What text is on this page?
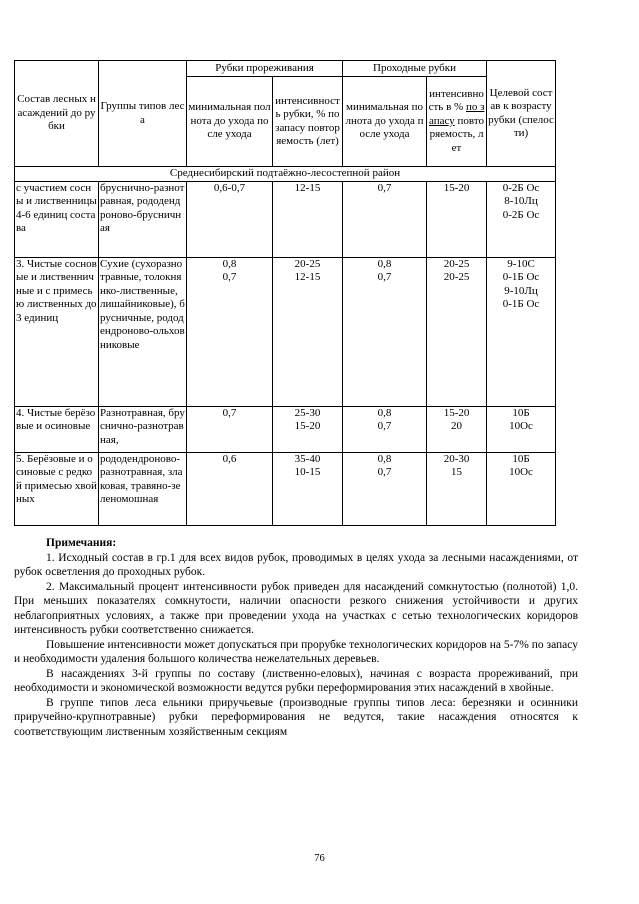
Состав лесных насаждений до рубки	Группы типов леса	Рубки прореживания		Проходные рубки		Целевой состав к возрасту рубки (спелости)
		минимальная полнота до ухода после ухода	интенсивность рубки, % по запасу повторяемость (лет)	минимальная полнота до ухода после ухода	интенсивность в % по запасу повторяемость, лет	
Среднесибирский подтаёжно-лесостепной район						
с участием сосны и лиственницы 4-6 единиц состава	бруснично-разнотравная, рододендроново-брусничная	0,6-0,7	12-15	0,7	15-20	0-2Б Ос
8-10Лц
0-2Б Ос

3. Чистые сосновые и лиственничные и с примесью лиственных до 3 единиц	Сухие (сухоразнотравные, толокнянко-лиственные, лишайниковые), брусничные, рододендроново-ольховниковые	0,8
0,7	20-25
12-15	0,8
0,7	20-25
20-25	9-10С
0-1Б Ос
9-10Лц
0-1Б Ос

4. Чистые берёзовые и осиновые	Разнотравная, бруснично-разнотравная,	0,7	25-30
15-20	0,8
0,7	15-20
20	10Б
10Ос

5. Берёзовые и осиновые с редкой примесью хвойных	рододендроново-разнотравная, злаковая, травяно-зеленомошная	0,6	35-40
10-15	0,8
0,7	20-30
15	10Б
10Ос

Примечания:

1. Исходный состав в гр.1 для всех видов рубок, проводимых в целях ухода за лесными насаждениями, от рубок осветления до проходных рубок.

2. Максимальный процент интенсивности рубок приведен для насаждений сомкнутостью (полнотой) 1,0. При меньших показателях сомкнутости, наличии опасности резкого снижения устойчивости и других неблагоприятных условиях, а также при проведении ухода на участках с сетью технологических коридоров интенсивность рубки соответственно снижается.

Повышение интенсивности может допускаться при прорубке технологических коридоров на 5-7% по запасу и необходимости удаления большого количества нежелательных деревьев.

В насаждениях 3-й группы по составу (лиственно-еловых), начиная с возраста прореживаний, при необходимости и экономической возможности ведутся рубки переформирования этих насаждений в хвойные.

В группе типов леса ельники приручьевые (производные группы типов леса: березняки и осинники приручейно-крупнотравные) рубки переформирования не ведутся, такие насаждения относятся к соответствующим лиственным хозяйственным секциям

76
